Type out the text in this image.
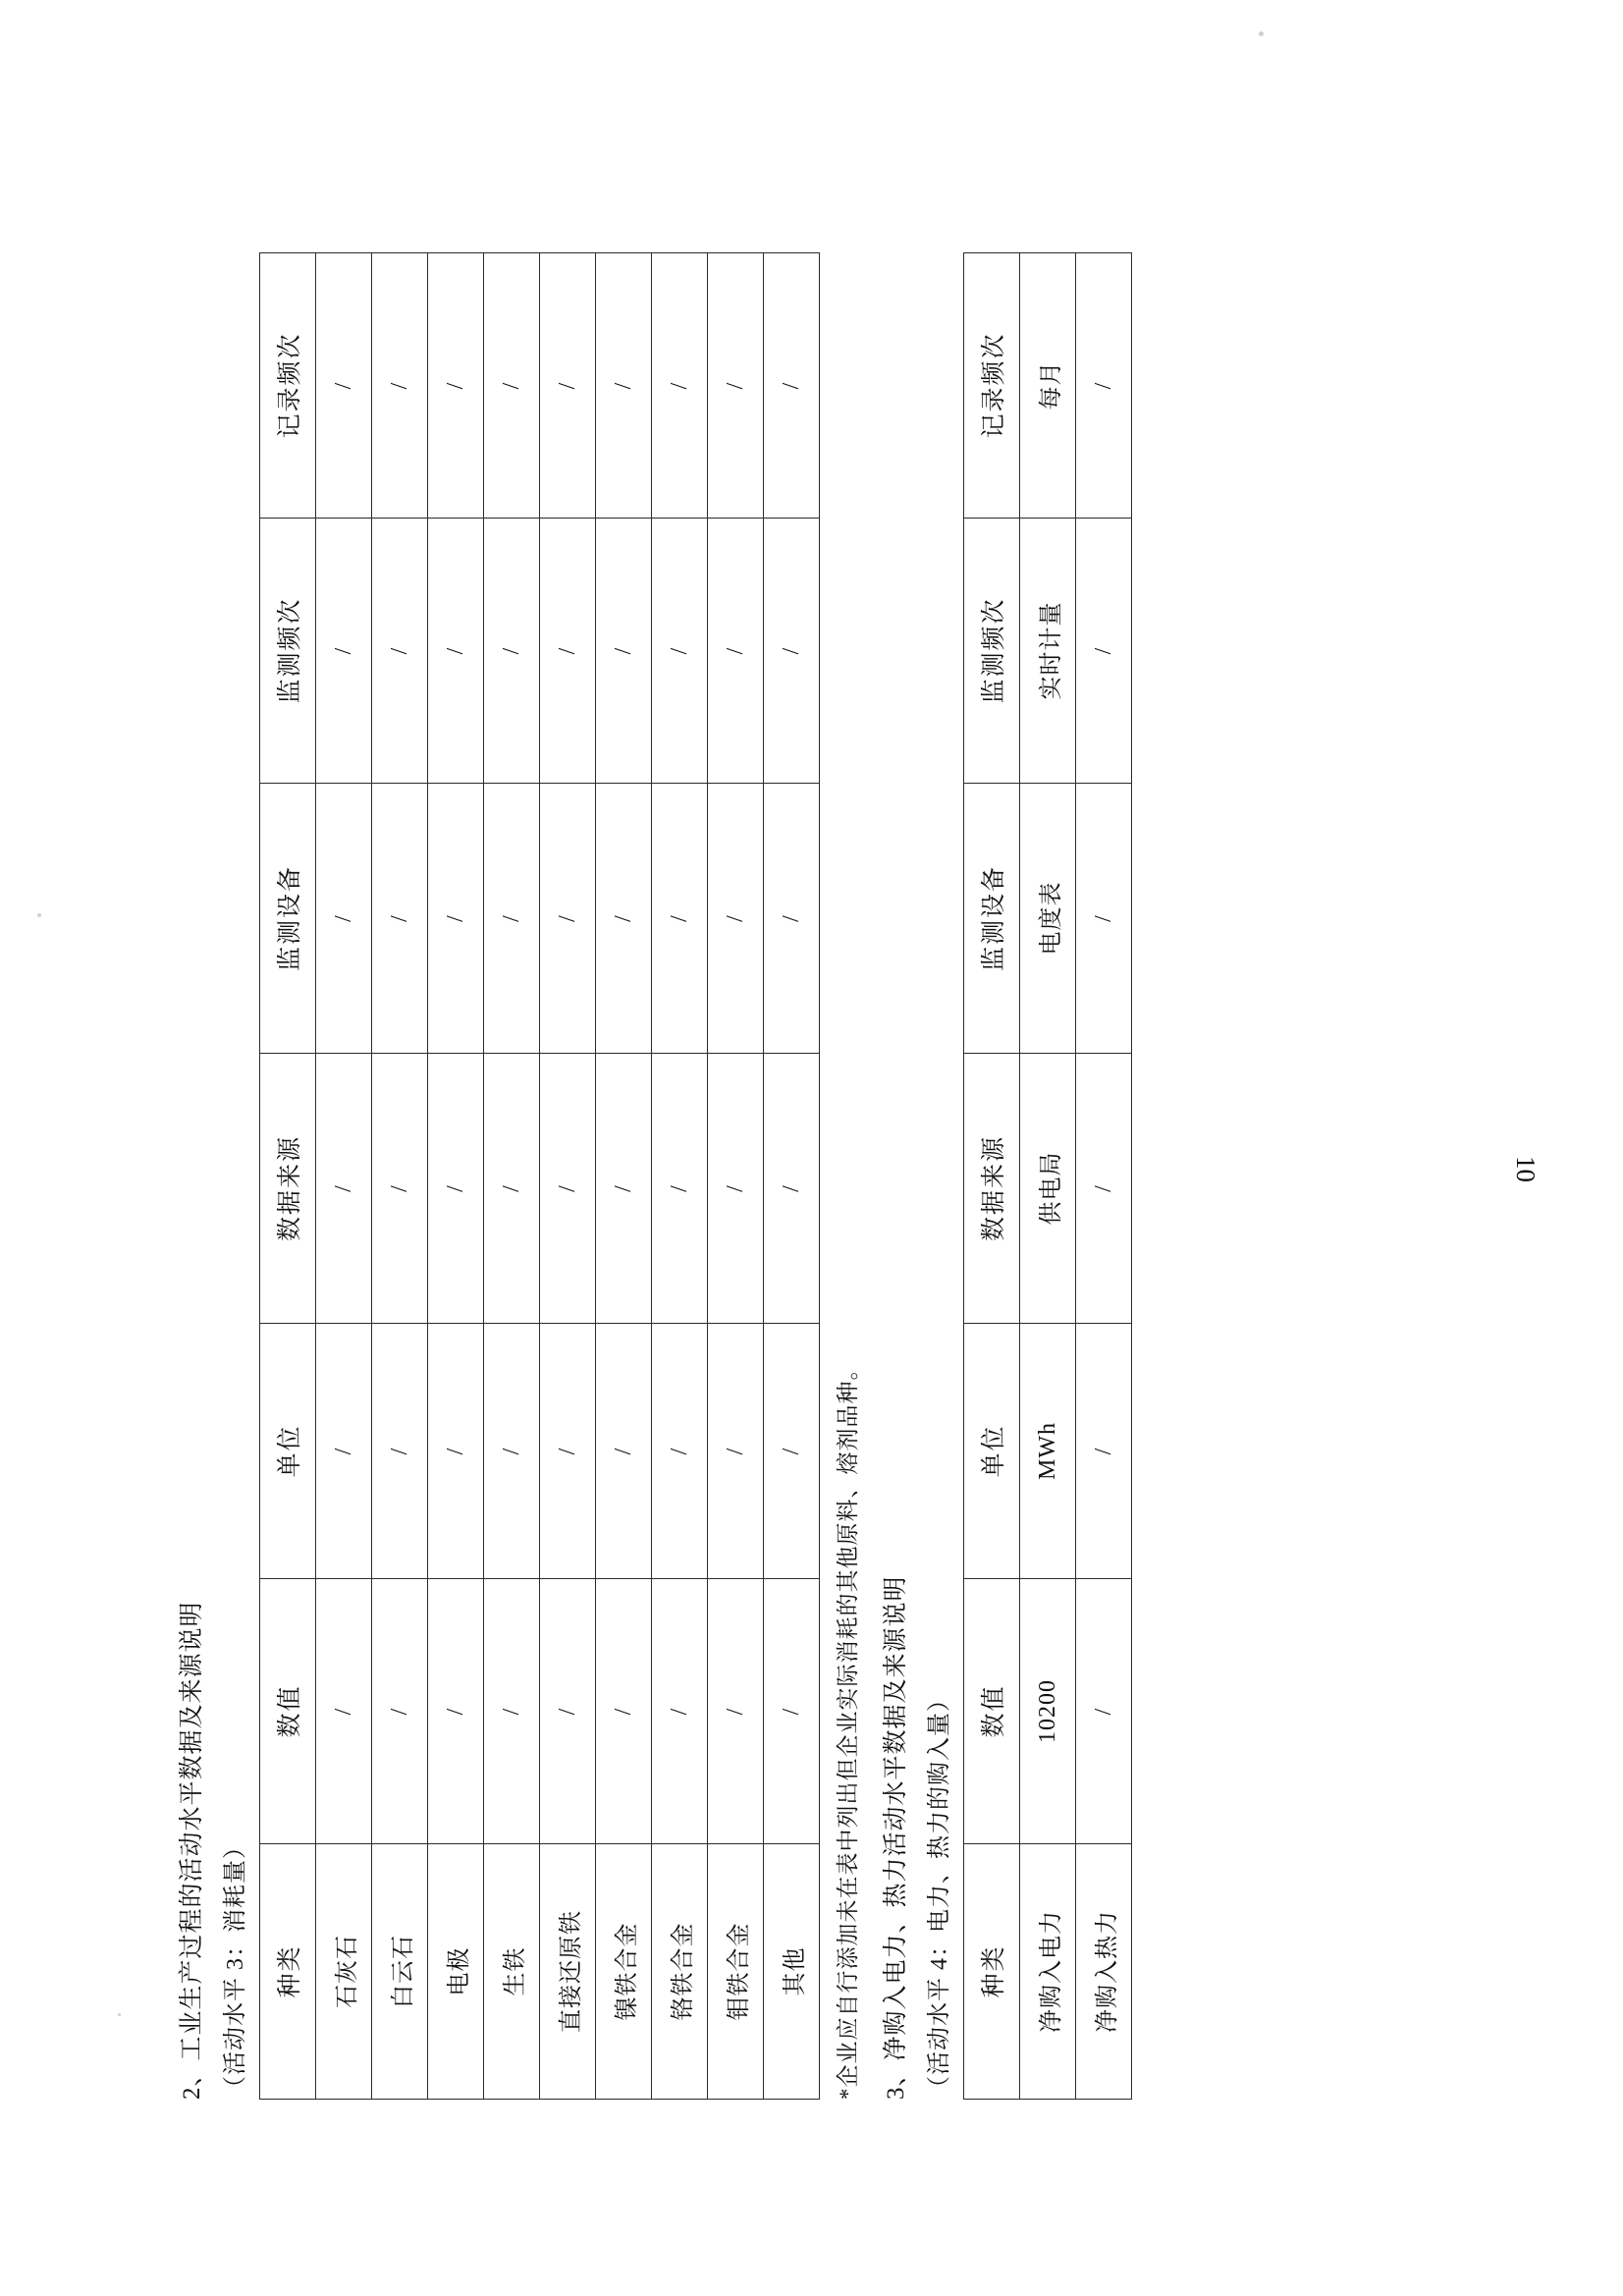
2、工业生产过程的活动水平数据及来源说明 （活动水平 3：消耗量） 种类	数值	单位	数据来源	监测设备	监测频次	记录频次
石灰石	/	/	/	/	/	/
白云石	/	/	/	/	/	/
电极	/	/	/	/	/	/
生铁	/	/	/	/	/	/
直接还原铁	/	/	/	/	/	/
镍铁合金	/	/	/	/	/	/
铬铁合金	/	/	/	/	/	/
钼铁合金	/	/	/	/	/	/
其他	/	/	/	/	/	/
*企业应自行添加未在表中列出但企业实际消耗的其他原料、熔剂品种。 3、净购入电力、热力活动水平数据及来源说明 （活动水平 4：电力、热力的购入量） 种类	数值	单位	数据来源	监测设备	监测频次	记录频次
净购入电力	10200	MWh	供电局	电度表	实时计量	每月
净购入热力	/	/	/	/	/	/
10
